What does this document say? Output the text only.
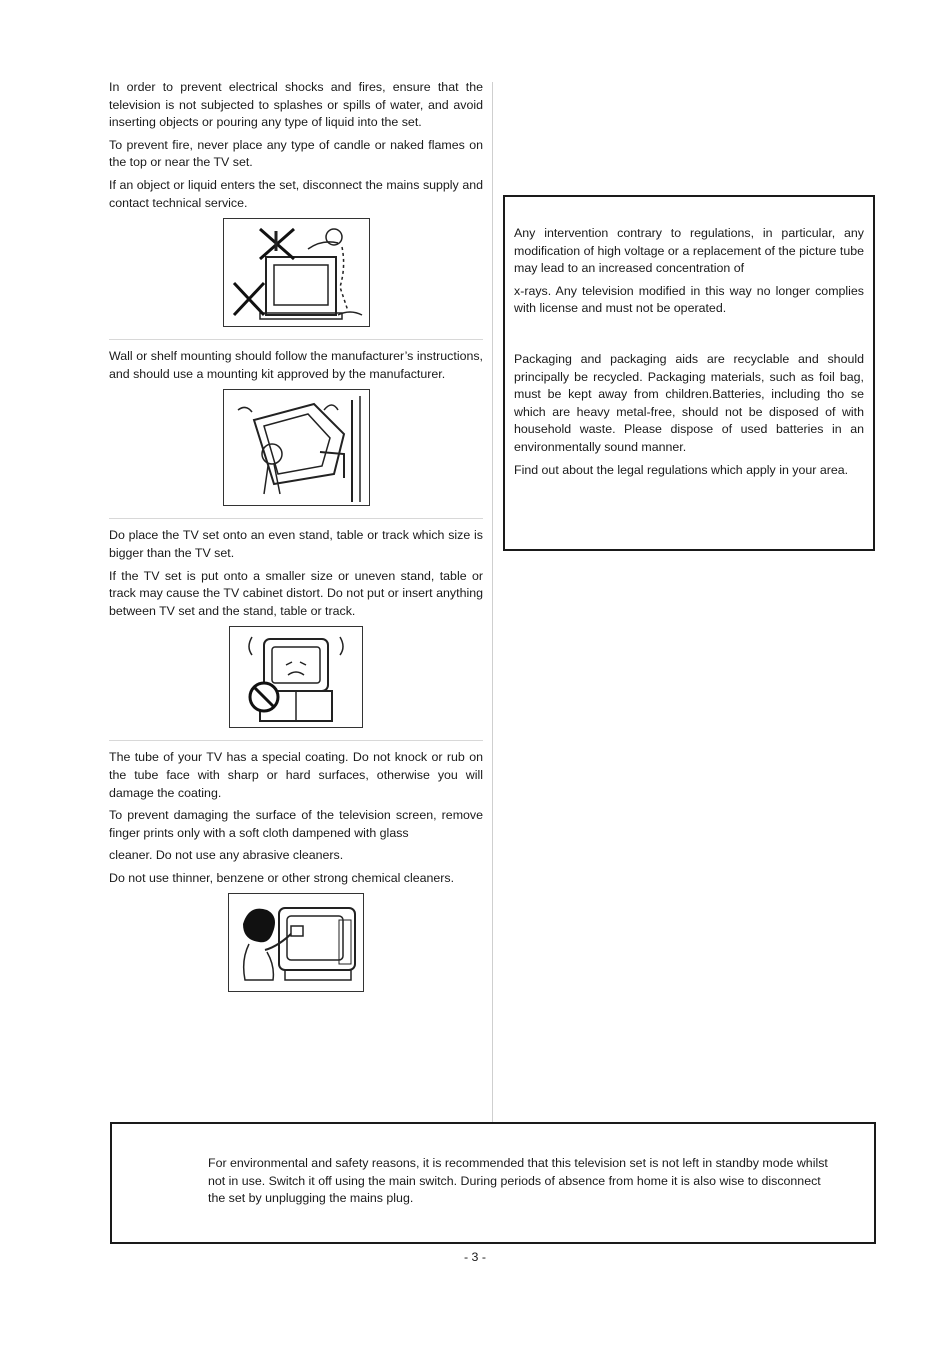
In order to prevent electrical shocks and fires, ensure that the television is not subjected to splashes or spills of water, and avoid inserting objects or pouring any type of liquid into the set.

To prevent fire, never place any type of candle or naked flames on the top or near the TV set.

If an object or liquid enters the set, disconnect the mains supply and contact technical service.

Wall or shelf mounting should follow the manufacturer’s instructions, and should use a mounting kit approved by the manufacturer.

Do place the TV set onto an even stand, table or track which size is bigger than the TV set.

If the TV set is put onto a smaller size or uneven stand, table or track may cause the TV cabinet distort. Do not put or insert anything between TV set and the stand, table or track.

The tube of your TV has a special coating. Do not knock or rub on the tube face with sharp or hard surfaces, otherwise you will damage the coating.

To prevent damaging the surface of the television screen, remove finger prints only with a soft cloth dampened with glass

cleaner. Do not use any abrasive cleaners.

Do not use thinner, benzene or other strong chemical cleaners.

Any intervention contrary to regulations, in particular, any modification of high voltage or a replacement of the picture tube may lead to an increased concentration of

x-rays. Any television modified in this way no longer complies with license and must not be operated.

Packaging and packaging aids are recyclable and should principally be recycled. Packaging materials, such as foil bag, must be kept away from children.Batteries, including tho se which are heavy metal-free, should not be disposed of with household waste. Please dispose of used batteries in an environmentally sound manner.

Find out about the legal regulations which apply in your area.

For environmental and safety reasons, it is recommended that this television set is not left in standby mode whilst not in use. Switch it off using the main switch. During periods of absence from home it is also wise to disconnect the set by unplugging the mains plug.

- 3 -
